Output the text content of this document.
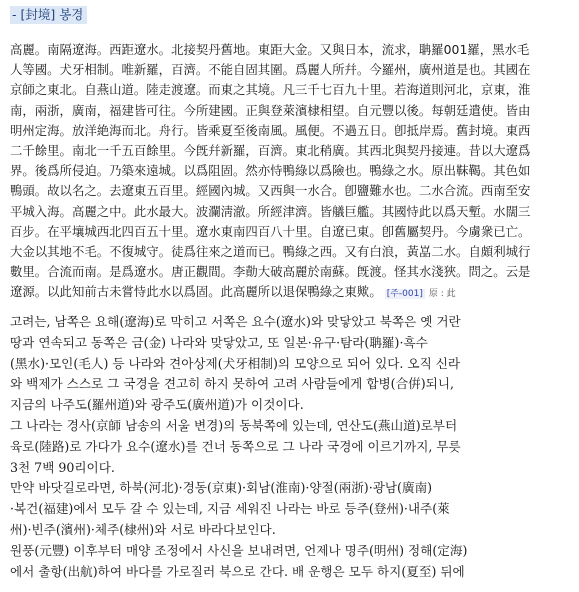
- [封境] 봉경

高麗。南隔遼海。西距遼水。北接契丹舊地。東距大金。又與日本，流求，聃羅001羅，黑水毛

人等國。犬牙相制。唯新羅，百濟。不能自固其圍。爲麗人所幷。今羅州，廣州道是也。其國在

京師之東北。自燕山道。陸走渡遼。而東之其境。凡三千七百九十里。若海道則河北，京東，淮

南，兩浙，廣南，福建皆可往。今所建國。正與登萊濱棣相望。自元豐以後。每朝廷遣使。皆由

明州定海。放洋絶海而北。舟行。皆乘夏至後南風。風便。不過五日。卽抵岸焉。舊封境。東西

二千餘里。南北一千五百餘里。今旣幷新羅，百濟。東北稍廣。其西北與契丹接連。昔以大遼爲

界。後爲所侵迫。乃築來遠城。以爲阻固。然亦恃鴨綠以爲險也。鴨綠之水。原出靺鞨。其色如

鴨頭。故以名之。去遼東五百里。經國內城。又西與一水合。卽鹽難水也。二水合流。西南至安

平城入海。高麗之中。此水最大。波瀾淸澈。所經津濟。皆艤巨艦。其國恃此以爲天塹。水闊三

百步。在平壤城西北四百五十里。遼水東南四百八十里。自遼已東。卽舊屬契丹。今虜衆已亡。

大金以其地不毛。不復城守。徒爲往來之道而已。鴨綠之西。又有白浪，黃嵓二水。自頗利城行

數里。合流而南。是爲遼水。唐正觀間。李勣大破高麗於南蘇。旣渡。怪其水淺狹。問之。云是

遼源。以此知前古未嘗恃此水以爲固。此高麗所以退保鴨綠之東歟。 [주-001] 原 : 此

고려는, 남쪽은 요해(遼海)로 막히고 서쪽은 요수(遼水)와 맞닿았고 북쪽은 옛 거란

땅과 연속되고 동쪽은 금(金) 나라와 맞닿았고, 또 일본·유구·탐라(聃羅)·흑수

(黑水)·모인(毛人) 등 나라와 견아상제(犬牙相制)의 모양으로 되어 있다. 오직 신라

와 백제가 스스로 그 국경을 견고히 하지 못하여 고려 사람들에게 합병(合倂)되니,

지금의 나주도(羅州道)와 광주도(廣州道)가 이것이다.

그 나라는 경사(京師 남송의 서울 변경)의 동북쪽에 있는데, 연산도(燕山道)로부터

육로(陸路)로 가다가 요수(遼水)를 건너 동쪽으로 그 나라 국경에 이르기까지, 무릇

3천 7백 90리이다.

만약 바닷길로라면, 하북(河北)·경동(京東)·회남(淮南)·양절(兩浙)·광남(廣南)

·복건(福建)에서 모두 갈 수 있는데, 지금 세워진 나라는 바로 등주(登州)·내주(萊

州)·빈주(濱州)·체주(棣州)와 서로 바라다보인다.

원풍(元豐) 이후부터 매양 조정에서 사신을 보내려면, 언제나 명주(明州) 정해(定海)

에서 출항(出航)하여 바다를 가로질러 북으로 간다. 배 운행은 모두 하지(夏至) 뒤에
